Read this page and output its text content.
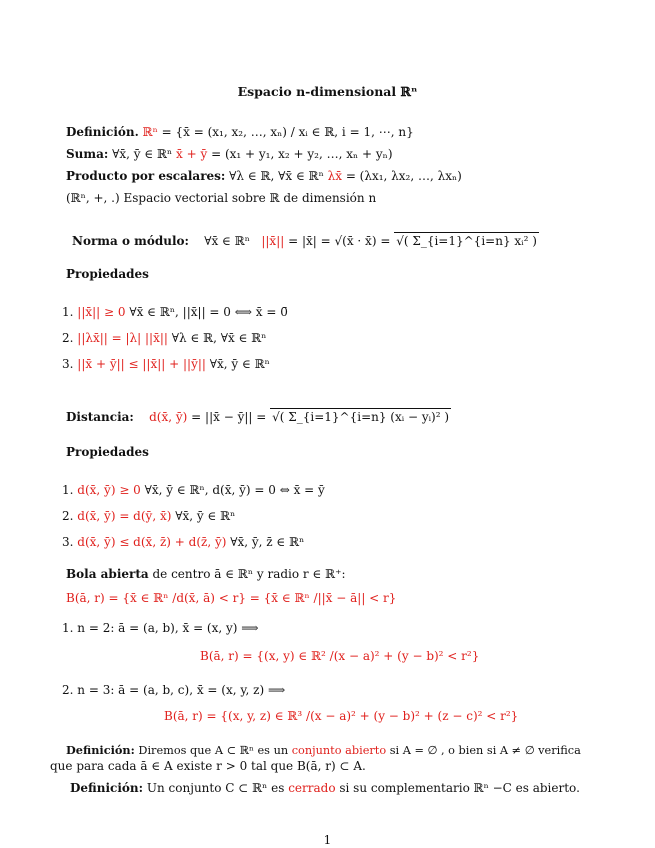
Espacio n-dimensional ℝⁿ
Definición. ℝⁿ = {x̄ = (x₁, x₂, …, xₙ) / xᵢ ∈ ℝ, i = 1, ⋯, n}
Suma: ∀x̄, ȳ ∈ ℝⁿ x̄ + ȳ = (x₁ + y₁, x₂ + y₂, …, xₙ + yₙ)
Producto por escalares: ∀λ ∈ ℝ, ∀x̄ ∈ ℝⁿ λx̄ = (λx₁, λx₂, …, λxₙ)
(ℝⁿ, +, .) Espacio vectorial sobre ℝ de dimensión n
Norma o módulo: ∀x̄ ∈ ℝⁿ ||x̄|| = |x̄| = √(x̄ · x̄) = √( Σ_{i=1}^{i=n} xᵢ² )
Propiedades
1. ||x̄|| ≥ 0 ∀x̄ ∈ ℝⁿ, ||x̄|| = 0 ⟺ x̄ = 0̄
2. ||λx̄|| = |λ| ||x̄|| ∀λ ∈ ℝ, ∀x̄ ∈ ℝⁿ
3. ||x̄ + ȳ|| ≤ ||x̄|| + ||ȳ|| ∀x̄, ȳ ∈ ℝⁿ
Distancia: d(x̄, ȳ) = ||x̄ − ȳ|| = √( Σ_{i=1}^{i=n} (xᵢ − yᵢ)² )
Propiedades
1. d(x̄, ȳ) ≥ 0 ∀x̄, ȳ ∈ ℝⁿ, d(x̄, ȳ) = 0 ⇔ x̄ = ȳ
2. d(x̄, ȳ) = d(ȳ, x̄) ∀x̄, ȳ ∈ ℝⁿ
3. d(x̄, ȳ) ≤ d(x̄, z̄) + d(z̄, ȳ) ∀x̄, ȳ, z̄ ∈ ℝⁿ
Bola abierta de centro ā ∈ ℝⁿ y radio r ∈ ℝ⁺:
B(ā, r) = {x̄ ∈ ℝⁿ /d(x̄, ā) < r} = {x̄ ∈ ℝⁿ /||x̄ − ā|| < r}
1. n = 2: ā = (a, b), x̄ = (x, y) ⟹
B(ā, r) = {(x, y) ∈ ℝ² /(x − a)² + (y − b)² < r²}
2. n = 3: ā = (a, b, c), x̄ = (x, y, z) ⟹
B(ā, r) = {(x, y, z) ∈ ℝ³ /(x − a)² + (y − b)² + (z − c)² < r²}
Definición: Diremos que A ⊂ ℝⁿ es un conjunto abierto si A = ∅ , o bien si A ≠ ∅ verifica
que para cada ā ∈ A existe r > 0 tal que B(ā, r) ⊂ A.
Definición: Un conjunto C ⊂ ℝⁿ es cerrado si su complementario ℝⁿ −C es abierto.
1
